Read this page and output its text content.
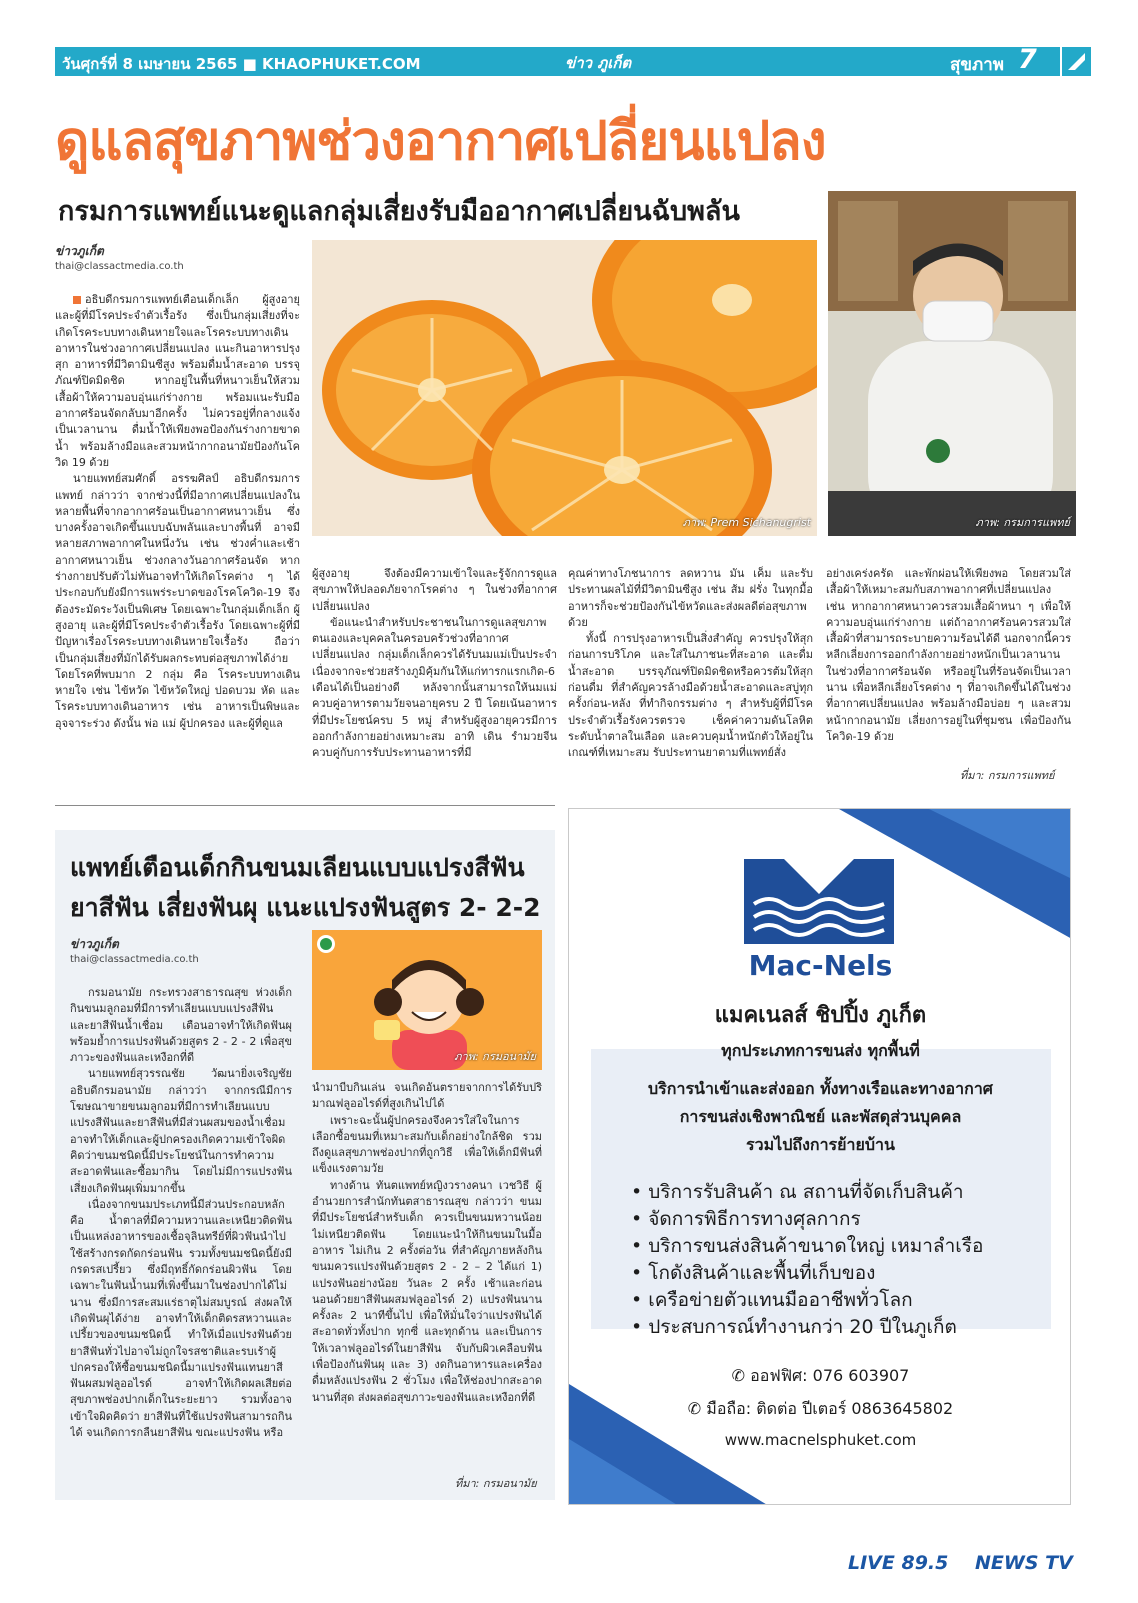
วันศุกร์ที่ 8 เมษายน 2565 ■ KHAOPHUKET.COM	ข่าว ภูเก็ต	สุขภาพ 7
ดูแลสุขภาพช่วงอากาศเปลี่ยนแปลง
กรมการแพทย์แนะดูแลกลุ่มเสี่ยงรับมืออากาศเปลี่ยนฉับพลัน
ข่าวภูเก็ต
thai@classactmedia.co.th
ภาพ: Prem Sichanugrist	ภาพ: กรมการแพทย์

อธิบดีกรมการแพทย์เตือนเด็กเล็ก ผู้สูงอายุ และผู้ที่มีโรคประจำตัวเรื้อรัง ซึ่งเป็นกลุ่มเสี่ยงที่จะเกิดโรคระบบทางเดินหายใจและโรคระบบทางเดินอาหารในช่วงอากาศเปลี่ยนแปลง แนะกินอาหารปรุงสุก อาหารที่มีวิตามินซีสูง พร้อมดื่มน้ำสะอาด บรรจุภัณฑ์ปิดมิดชิด หากอยู่ในพื้นที่หนาวเย็นให้สวมเสื้อผ้าให้ความอบอุ่นแก่ร่างกาย พร้อมแนะรับมืออากาศร้อนจัดกลับมาอีกครั้ง ไม่ควรอยู่ที่กลางแจ้งเป็นเวลานาน ดื่มน้ำให้เพียงพอป้องกันร่างกายขาดน้ำ พร้อมล้างมือและสวมหน้ากากอนามัยป้องกันโควิด 19 ด้วย

นายแพทย์สมศักดิ์ อรรฆศิลป์ อธิบดีกรมการแพทย์ กล่าวว่า จากช่วงนี้ที่มีอากาศเปลี่ยนแปลงในหลายพื้นที่จากอากาศร้อนเป็นอากาศหนาวเย็น ซึ่งบางครั้งอาจเกิดขึ้นแบบฉับพลันและบางพื้นที่ อาจมีหลายสภาพอากาศในหนึ่งวัน เช่น ช่วงค่ำและเช้าอากาศหนาวเย็น ช่วงกลางวันอากาศร้อนจัด หากร่างกายปรับตัวไม่ทันอาจทำให้เกิดโรคต่าง ๆ ได้ ประกอบกับยังมีการแพร่ระบาดของโรคโควิด-19 จึงต้องระมัดระวังเป็นพิเศษ โดยเฉพาะในกลุ่มเด็กเล็ก ผู้สูงอายุ และผู้ที่มีโรคประจำตัวเรื้อรัง โดยเฉพาะผู้ที่มีปัญหาเรื่องโรคระบบทางเดินหายใจเรื้อรัง ถือว่าเป็นกลุ่มเสี่ยงที่มักได้รับผลกระทบต่อสุขภาพได้ง่าย โดยโรคที่พบมาก 2 กลุ่ม คือ โรคระบบทางเดินหายใจ เช่น ไข้หวัด ไข้หวัดใหญ่ ปอดบวม หัด และโรคระบบทางเดินอาหาร เช่น อาหารเป็นพิษและอุจจาระร่วง ดังนั้น พ่อ แม่ ผู้ปกครอง และผู้ที่ดูแล

ผู้สูงอายุ จึงต้องมีความเข้าใจและรู้จักการดูแลสุขภาพให้ปลอดภัยจากโรคต่าง ๆ ในช่วงที่อากาศเปลี่ยนแปลง

ข้อแนะนำสำหรับประชาชนในการดูแลสุขภาพตนเองและบุคคลในครอบครัวช่วงที่อากาศเปลี่ยนแปลง กลุ่มเด็กเล็กควรได้รับนมแม่เป็นประจำ เนื่องจากจะช่วยสร้างภูมิคุ้มกันให้แก่ทารกแรกเกิด-6 เดือนได้เป็นอย่างดี หลังจากนั้นสามารถให้นมแม่ควบคู่อาหารตามวัยจนอายุครบ 2 ปี โดยเน้นอาหารที่มีประโยชน์ครบ 5 หมู่ สำหรับผู้สูงอายุควรมีการออกกำลังกายอย่างเหมาะสม อาทิ เดิน รำมวยจีน ควบคู่กับการรับประทานอาหารที่มี

คุณค่าทางโภชนาการ ลดหวาน มัน เค็ม และรับประทานผลไม้ที่มีวิตามินซีสูง เช่น ส้ม ฝรั่ง ในทุกมื้ออาหารก็จะช่วยป้องกันไข้หวัดและส่งผลดีต่อสุขภาพด้วย

ทั้งนี้ การปรุงอาหารเป็นสิ่งสำคัญ ควรปรุงให้สุกก่อนการบริโภค และใส่ในภาชนะที่สะอาด และดื่มน้ำสะอาด บรรจุภัณฑ์ปิดมิดชิดหรือควรต้มให้สุกก่อนดื่ม ที่สำคัญควรล้างมือด้วยน้ำสะอาดและสบู่ทุกครั้งก่อน-หลัง ที่ทำกิจกรรมต่าง ๆ สำหรับผู้ที่มีโรคประจำตัวเรื้อรังควรตรวจ เช็คค่าความดันโลหิต ระดับน้ำตาลในเลือด และควบคุมน้ำหนักตัวให้อยู่ในเกณฑ์ที่เหมาะสม รับประทานยาตามที่แพทย์สั่ง

อย่างเคร่งครัด และพักผ่อนให้เพียงพอ โดยสวมใส่เสื้อผ้าให้เหมาะสมกับสภาพอากาศที่เปลี่ยนแปลง เช่น หากอากาศหนาวควรสวมเสื้อผ้าหนา ๆ เพื่อให้ความอบอุ่นแก่ร่างกาย แต่ถ้าอากาศร้อนควรสวมใส่เสื้อผ้าที่สามารถระบายความร้อนได้ดี นอกจากนี้ควรหลีกเลี่ยงการออกกำลังกายอย่างหนักเป็นเวลานานในช่วงที่อากาศร้อนจัด หรืออยู่ในที่ร้อนจัดเป็นเวลานาน เพื่อหลีกเลี่ยงโรคต่าง ๆ ที่อาจเกิดขึ้นได้ในช่วงที่อากาศเปลี่ยนแปลง พร้อมล้างมือบ่อย ๆ และสวมหน้ากากอนามัย เลี่ยงการอยู่ในที่ชุมชน เพื่อป้องกันโควิด-19 ด้วย

ที่มา: กรมการแพทย์
แพทย์เตือนเด็กกินขนมเลียนแบบแปรงสีฟัน
ยาสีฟัน เสี่ยงฟันผุ แนะแปรงฟันสูตร 2- 2-2
ข่าวภูเก็ต
thai@classactmedia.co.th
ภาพ: กรมอนามัย

กรมอนามัย กระทรวงสาธารณสุข ห่วงเด็กกินขนมลูกอมที่มีการทำเลียนแบบแปรงสีฟันและยาสีฟันน้ำเชื่อม เตือนอาจทำให้เกิดฟันผุ พร้อมย้ำการแปรงฟันด้วยสูตร 2 - 2 - 2 เพื่อสุขภาวะของฟันและเหงือกที่ดี

นายแพทย์สุวรรณชัย วัฒนายิ่งเจริญชัย อธิบดีกรมอนามัย กล่าวว่า จากกรณีมีการโฆษณาขายขนมลูกอมที่มีการทำเลียนแบบแปรงสีฟันและยาสีฟันที่มีส่วนผสมของน้ำเชื่อม อาจทำให้เด็กและผู้ปกครองเกิดความเข้าใจผิดคิดว่าขนมชนิดนี้มีประโยชน์ในการทำความสะอาดฟันและซื้อมากิน โดยไม่มีการแปรงฟัน เสี่ยงเกิดฟันผุเพิ่มมากขึ้น

เนื่องจากขนมประเภทนี้มีส่วนประกอบหลัก คือ น้ำตาลที่มีความหวานและเหนียวติดฟัน เป็นแหล่งอาหารของเชื้อจุลินทรีย์ที่ผิวฟันนำไปใช้สร้างกรดกัดกร่อนฟัน รวมทั้งขนมชนิดนี้ยังมีกรดรสเปรี้ยว ซึ่งมีฤทธิ์กัดกร่อนผิวฟัน โดยเฉพาะในฟันน้ำนมที่เพิ่งขึ้นมาในช่องปากได้ไม่นาน ซึ่งมีการสะสมแร่ธาตุไม่สมบูรณ์ ส่งผลให้เกิดฟันผุได้ง่าย อาจทำให้เด็กติดรสหวานและเปรี้ยวของขนมชนิดนี้ ทำให้เมื่อแปรงฟันด้วยยาสีฟันทั่วไปอาจไม่ถูกใจรสชาติและรบเร้าผู้ปกครองให้ซื้อขนมชนิดนี้มาแปรงฟันแทนยาสีฟันผสมฟลูออไรด์ อาจทำให้เกิดผลเสียต่อสุขภาพช่องปากเด็กในระยะยาว รวมทั้งอาจเข้าใจผิดคิดว่า ยาสีฟันที่ใช้แปรงฟันสามารถกินได้ จนเกิดการกลืนยาสีฟัน ขณะแปรงฟัน หรือ

นำมาบีบกินเล่น จนเกิดอันตรายจากการได้รับปริมาณฟลูออไรด์ที่สูงเกินไปได้

เพราะฉะนั้นผู้ปกครองจึงควรใส่ใจในการเลือกซื้อขนมที่เหมาะสมกับเด็กอย่างใกล้ชิด รวมถึงดูแลสุขภาพช่องปากที่ถูกวิธี เพื่อให้เด็กมีฟันที่แข็งแรงตามวัย

ทางด้าน ทันตแพทย์หญิงวรางคนา เวชวิธี ผู้อำนวยการสำนักทันตสาธารณสุข กล่าวว่า ขนมที่มีประโยชน์สำหรับเด็ก ควรเป็นขนมหวานน้อย ไม่เหนียวติดฟัน โดยแนะนำให้กินขนมในมื้ออาหาร ไม่เกิน 2 ครั้งต่อวัน ที่สำคัญภายหลังกินขนมควรแปรงฟันด้วยสูตร 2 - 2 – 2 ได้แก่ 1) แปรงฟันอย่างน้อย วันละ 2 ครั้ง เช้าและก่อนนอนด้วยยาสีฟันผสมฟลูออไรด์ 2) แปรงฟันนานครั้งละ 2 นาทีขึ้นไป เพื่อให้มั่นใจว่าแปรงฟันได้สะอาดทั่วทั้งปาก ทุกซี่ และทุกด้าน และเป็นการให้เวลาฟลูออไรด์ในยาสีฟัน จับกับผิวเคลือบฟันเพื่อป้องกันฟันผุ และ 3) งดกินอาหารและเครื่องดื่มหลังแปรงฟัน 2 ชั่วโมง เพื่อให้ช่องปากสะอาดนานที่สุด ส่งผลต่อสุขภาวะของฟันและเหงือกที่ดี

ที่มา: กรมอนามัย
Mac-Nels
แมคเนลส์ ชิปปิ้ง ภูเก็ต
ทุกประเภทการขนส่ง ทุกพื้นที่
บริการนำเข้าและส่งออก ทั้งทางเรือและทางอากาศ
การขนส่งเชิงพาณิชย์ และพัสดุส่วนบุคคล
รวมไปถึงการย้ายบ้าน
• บริการรับสินค้า ณ สถานที่จัดเก็บสินค้า
• จัดการพิธีการทางศุลกากร
• บริการขนส่งสินค้าขนาดใหญ่ เหมาลำเรือ
• โกดังสินค้าและพื้นที่เก็บของ
• เครือข่ายตัวแทนมืออาชีพทั่วโลก
• ประสบการณ์ทำงานกว่า 20 ปีในภูเก็ต
✆ ออฟฟิศ: 076 603907
✆ มือถือ: ติดต่อ ปีเตอร์ 0863645802
www.macnelsphuket.com
LIVE 89.5 NEWS TV
